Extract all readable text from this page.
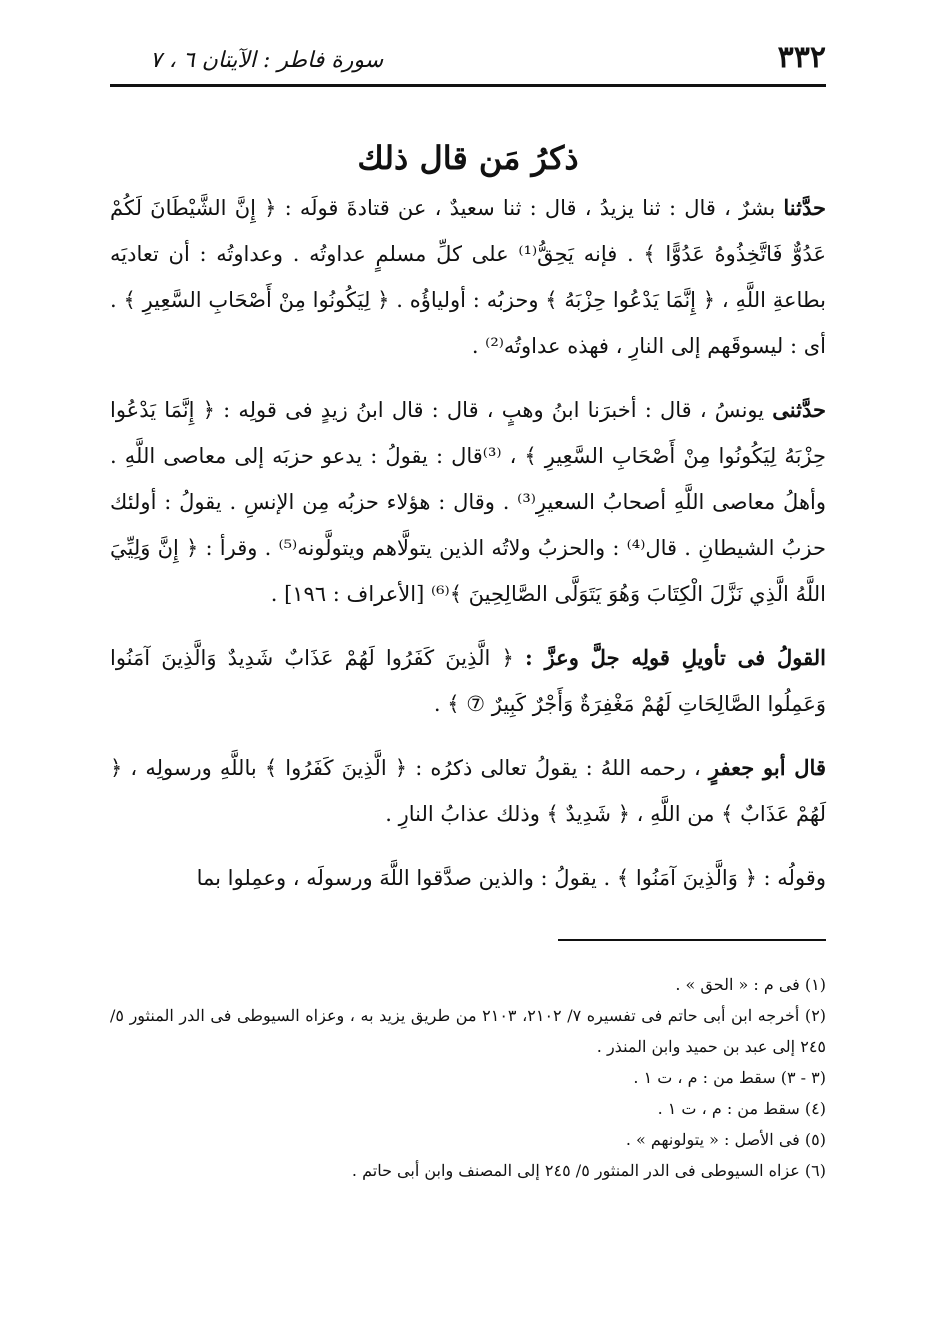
٣٣٢
سورة فاطر : الآيتان ٦ ، ٧
ذكرُ مَن قال ذلك

حدَّثنا بشرٌ ، قال : ثنا يزيدُ ، قال : ثنا سعيدٌ ، عن قتادةَ قولَه : ﴿ إِنَّ الشَّيْطَانَ لَكُمْ عَدُوٌّ فَاتَّخِذُوهُ عَدُوًّا ﴾ . فإنه يَحِقُّ⁽¹⁾ على كلِّ مسلمٍ عداوتُه . وعداوتُه : أن تعاديَه بطاعةِ اللَّهِ ، ﴿ إِنَّمَا يَدْعُوا حِزْبَهُ ﴾ وحزبُه : أولياؤُه . ﴿ لِيَكُونُوا مِنْ أَصْحَابِ السَّعِيرِ ﴾ . أى : ليسوقَهم إلى النارِ ، فهذه عداوتُه⁽²⁾ .

حدَّثنى يونسُ ، قال : أخبرَنا ابنُ وهبٍ ، قال : قال ابنُ زيدٍ فى قولِه : ﴿ إِنَّمَا يَدْعُوا حِزْبَهُ لِيَكُونُوا مِنْ أَصْحَابِ السَّعِيرِ ﴾ ، ⁽³⁾قال : يقولُ : يدعو حزبَه إلى معاصى اللَّهِ . وأهلُ معاصى اللَّهِ أصحابُ السعيرِ⁽³⁾ . وقال : هؤلاء حزبُه مِن الإنسِ . يقولُ : أولئك حزبُ الشيطانِ . قال⁽⁴⁾ : والحزبُ ولاتُه الذين يتولَّاهم ويتولَّونه⁽⁵⁾ . وقرأ : ﴿ إِنَّ وَلِيِّيَ اللَّهُ الَّذِي نَزَّلَ الْكِتَابَ وَهُوَ يَتَوَلَّى الصَّالِحِينَ ﴾⁽⁶⁾ [الأعراف : ١٩٦] .

القولُ فى تأويلِ قولِه جلَّ وعزَّ : ﴿ الَّذِينَ كَفَرُوا لَهُمْ عَذَابٌ شَدِيدٌ وَالَّذِينَ آمَنُوا وَعَمِلُوا الصَّالِحَاتِ لَهُمْ مَغْفِرَةٌ وَأَجْرٌ كَبِيرٌ ⑦ ﴾ .

قال أبو جعفرٍ ، رحمه اللهُ : يقولُ تعالى ذكرُه : ﴿ الَّذِينَ كَفَرُوا ﴾ باللَّهِ ورسولِه ، ﴿ لَهُمْ عَذَابٌ ﴾ من اللَّهِ ، ﴿ شَدِيدٌ ﴾ وذلك عذابُ النارِ .

وقولُه : ﴿ وَالَّذِينَ آمَنُوا ﴾ . يقولُ : والذين صدَّقوا اللَّهَ ورسولَه ، وعمِلوا بما

(١) فى م : « الحق » .
(٢) أخرجه ابن أبى حاتم فى تفسيره ٧/ ٢١٠٢، ٢١٠٣ من طريق يزيد به ، وعزاه السيوطى فى الدر المنثور ٥/ ٢٤٥ إلى عبد بن حميد وابن المنذر .
(٣ - ٣) سقط من : م ، ت ١ .
(٤) سقط من : م ، ت ١ .
(٥) فى الأصل : « يتولونهم » .
(٦) عزاه السيوطى فى الدر المنثور ٥/ ٢٤٥ إلى المصنف وابن أبى حاتم .
